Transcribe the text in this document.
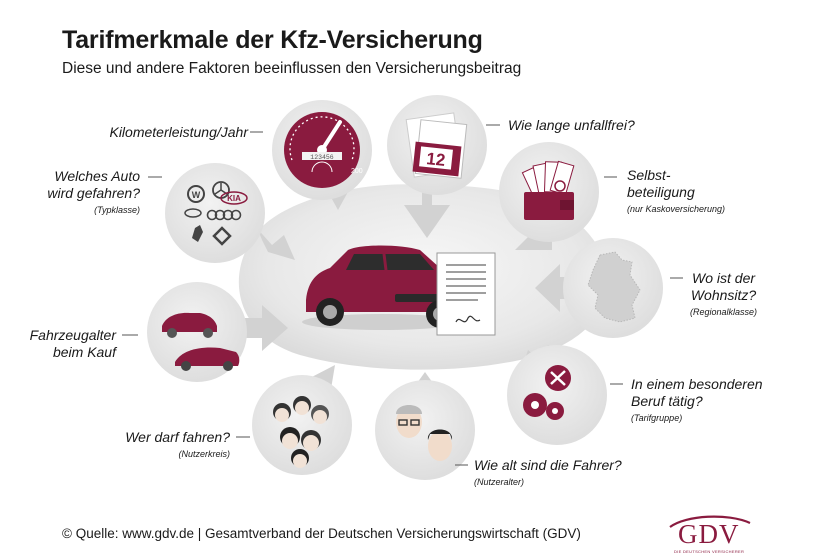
Tarifmerkmale der Kfz-Versicherung
Diese und andere Faktoren beeinflussen den Versicherungsbeitrag
123456
200
12
W	KIA
Kilometerleistung/Jahr	Wie lange unfallfrei?
Selbst-
beteiligung
(nur Kaskoversicherung)
Welches Auto
wird gefahren?
(Typklasse)
Wo ist der
Wohnsitz?
(Regionalklasse)
Fahrzeugalter
beim Kauf
In einem besonderen
Beruf tätig?
(Tarifgruppe)
Wer darf fahren?
(Nutzerkreis)
Wie alt sind die Fahrer?
(Nutzeralter)
© Quelle: www.gdv.de | Gesamtverband der Deutschen Versicherungswirtschaft (GDV)	GDV
DIE DEUTSCHEN VERSICHERER
